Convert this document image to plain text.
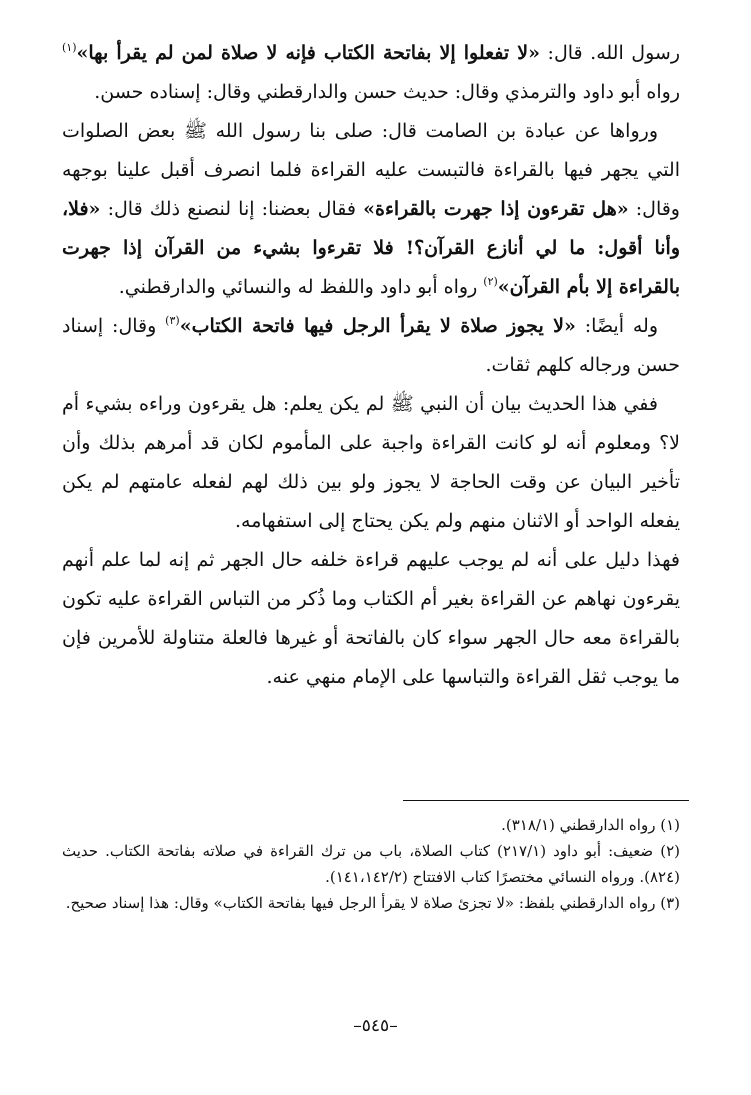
رسول الله. قال: «لا تفعلوا إلا بفاتحة الكتاب فإنه لا صلاة لمن لم يقرأ بها»$^{(١)}$ رواه أبو داود والترمذي وقال: حديث حسن والدارقطني وقال: إسناده حسن.

ورواها عن عبادة بن الصامت قال: صلى بنا رسول الله ﷺ بعض الصلوات التي يجهر فيها بالقراءة فالتبست عليه القراءة فلما انصرف أقبل علينا بوجهه وقال: «هل تقرءون إذا جهرت بالقراءة» فقال بعضنا: إنا لنصنع ذلك قال: «فلا، وأنا أقول: ما لي أنازع القرآن؟! فلا تقرءوا بشيء من القرآن إذا جهرت بالقراءة إلا بأم القرآن»$^{(٢)}$ رواه أبو داود واللفظ له والنسائي والدارقطني.

وله أيضًا: «لا يجوز صلاة لا يقرأ الرجل فيها فاتحة الكتاب»$^{(٣)}$ وقال: إسناد حسن ورجاله كلهم ثقات.

ففي هذا الحديث بيان أن النبي ﷺ لم يكن يعلم: هل يقرءون وراءه بشيء أم لا؟ ومعلوم أنه لو كانت القراءة واجبة على المأموم لكان قد أمرهم بذلك وأن تأخير البيان عن وقت الحاجة لا يجوز ولو بين ذلك لهم لفعله عامتهم لم يكن يفعله الواحد أو الاثنان منهم ولم يكن يحتاج إلى استفهامه.

فهذا دليل على أنه لم يوجب عليهم قراءة خلفه حال الجهر ثم إنه لما علم أنهم يقرءون نهاهم عن القراءة بغير أم الكتاب وما ذُكر من التباس القراءة عليه تكون بالقراءة معه حال الجهر سواء كان بالفاتحة أو غيرها فالعلة متناولة للأمرين فإن ما يوجب ثقل القراءة والتباسها على الإمام منهي عنه.

(١) رواه الدارقطني (٣١٨/١).

(٢) ضعيف: أبو داود (٢١٧/١) كتاب الصلاة، باب من ترك القراءة في صلاته بفاتحة الكتاب. حديث (٨٢٤). ورواه النسائي مختصرًا كتاب الافتتاح (١٤١،١٤٢/٢).

(٣) رواه الدارقطني بلفظ: «لا تجزئ صلاة لا يقرأ الرجل فيها بفاتحة الكتاب» وقال: هذا إسناد صحيح.

–٥٤٥–
